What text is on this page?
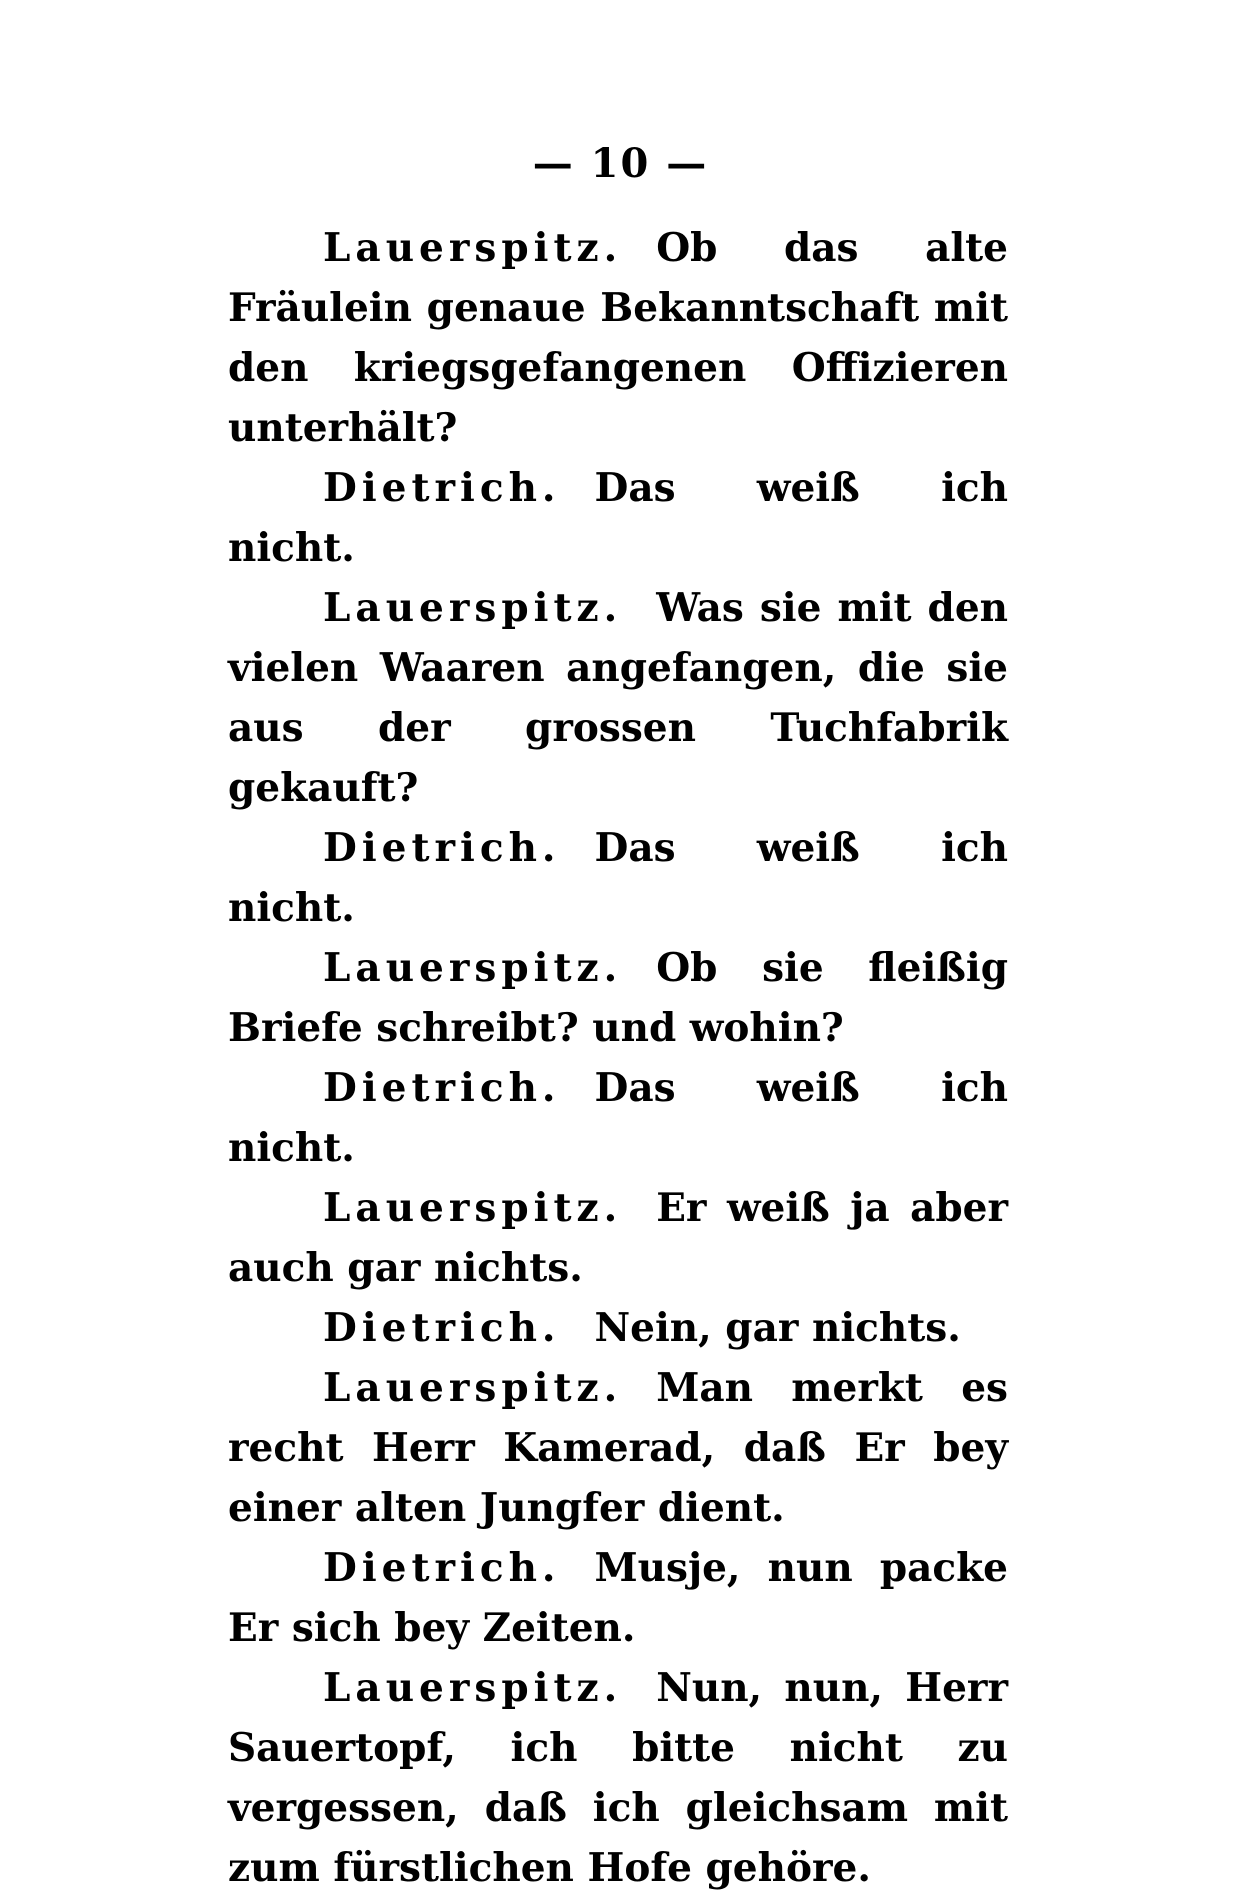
— 10 —

Lauerspitz. Ob das alte Fräulein genaue Bekanntschaft mit den kriegsgefangenen Offizieren unterhält?

Dietrich. Das weiß ich nicht.

Lauerspitz. Was sie mit den vielen Waaren angefangen, die sie aus der grossen Tuchfabrik gekauft?

Dietrich. Das weiß ich nicht.

Lauerspitz. Ob sie fleißig Briefe schreibt? und wohin?

Dietrich. Das weiß ich nicht.

Lauerspitz. Er weiß ja aber auch gar nichts.

Dietrich. Nein, gar nichts.

Lauerspitz. Man merkt es recht Herr Kamerad, daß Er bey einer alten Jungfer dient.

Dietrich. Musje, nun packe Er sich bey Zeiten.

Lauerspitz. Nun, nun, Herr Sauertopf, ich bitte nicht zu vergessen, daß ich gleichsam mit zum fürstlichen Hofe gehöre.
